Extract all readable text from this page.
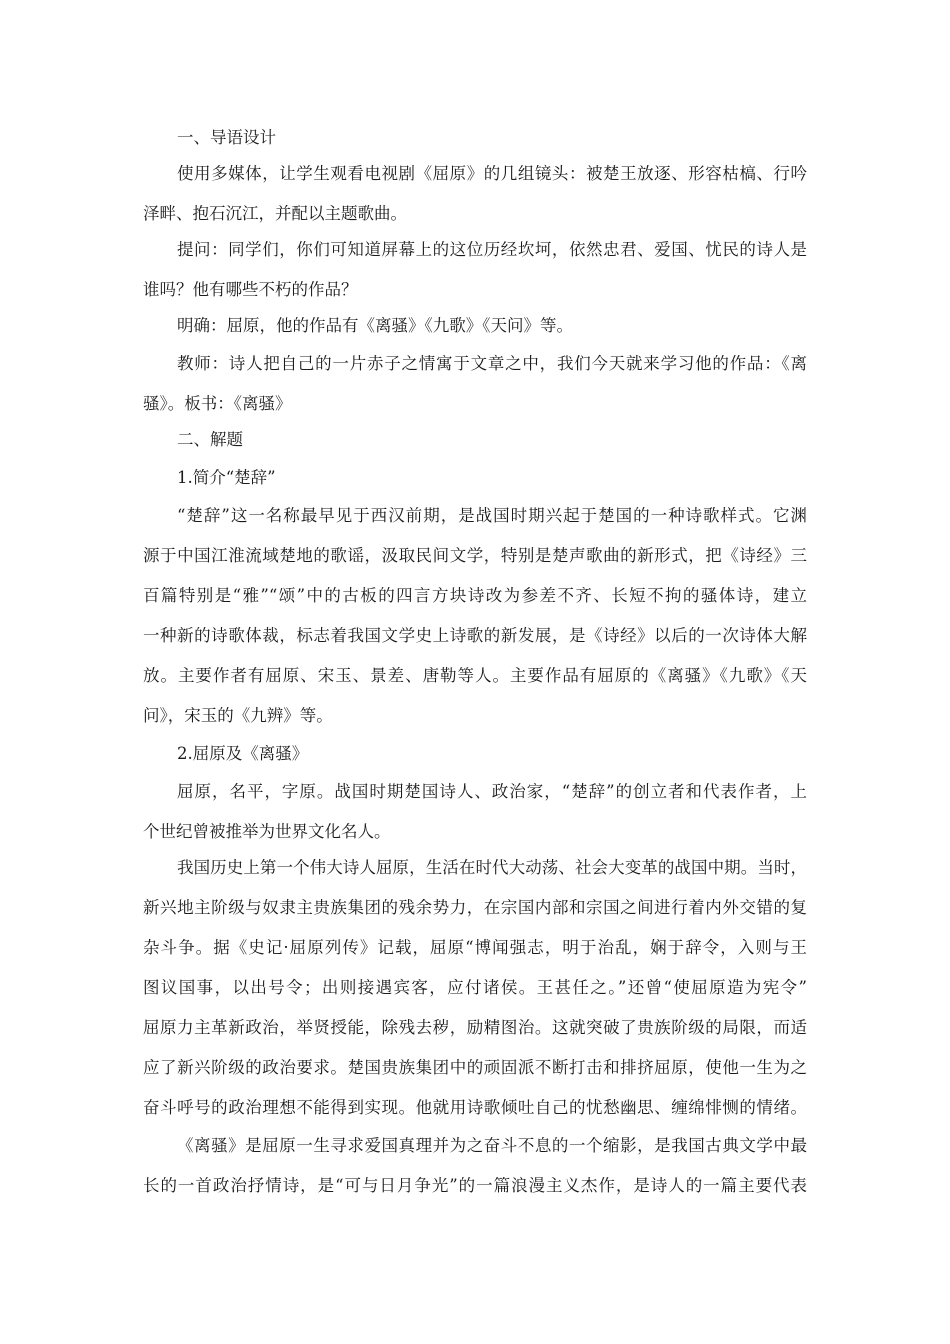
一、导语设计
使用多媒体，让学生观看电视剧《屈原》的几组镜头：被楚王放逐、形容枯槁、行吟
泽畔、抱石沉江，并配以主题歌曲。
提问：同学们，你们可知道屏幕上的这位历经坎坷，依然忠君、爱国、忧民的诗人是
谁吗？他有哪些不朽的作品？
明确：屈原，他的作品有《离骚》《九歌》《天问》等。
教师：诗人把自己的一片赤子之情寓于文章之中，我们今天就来学习他的作品：《离
骚》。板书：《离骚》
二、解题
1.简介“楚辞”
“楚辞”这一名称最早见于西汉前期，是战国时期兴起于楚国的一种诗歌样式。它渊
源于中国江淮流域楚地的歌谣，汲取民间文学，特别是楚声歌曲的新形式，把《诗经》三
百篇特别是“雅”“颂”中的古板的四言方块诗改为参差不齐、长短不拘的骚体诗，建立
一种新的诗歌体裁，标志着我国文学史上诗歌的新发展，是《诗经》以后的一次诗体大解
放。主要作者有屈原、宋玉、景差、唐勒等人。主要作品有屈原的《离骚》《九歌》《天
问》，宋玉的《九辨》等。
2.屈原及《离骚》
屈原，名平，字原。战国时期楚国诗人、政治家，“楚辞”的创立者和代表作者，上
个世纪曾被推举为世界文化名人。
我国历史上第一个伟大诗人屈原，生活在时代大动荡、社会大变革的战国中期。当时，
新兴地主阶级与奴隶主贵族集团的残余势力，在宗国内部和宗国之间进行着内外交错的复
杂斗争。据《史记·屈原列传》记载，屈原“博闻强志，明于治乱，娴于辞令，入则与王
图议国事，以出号令；出则接遇宾客，应付诸侯。王甚任之。”还曾“使屈原造为宪令”
屈原力主革新政治，举贤授能，除残去秽，励精图治。这就突破了贵族阶级的局限，而适
应了新兴阶级的政治要求。楚国贵族集团中的顽固派不断打击和排挤屈原，使他一生为之
奋斗呼号的政治理想不能得到实现。他就用诗歌倾吐自己的忧愁幽思、缠绵悱恻的情绪。
《离骚》是屈原一生寻求爱国真理并为之奋斗不息的一个缩影，是我国古典文学中最
长的一首政治抒情诗，是“可与日月争光”的一篇浪漫主义杰作，是诗人的一篇主要代表
